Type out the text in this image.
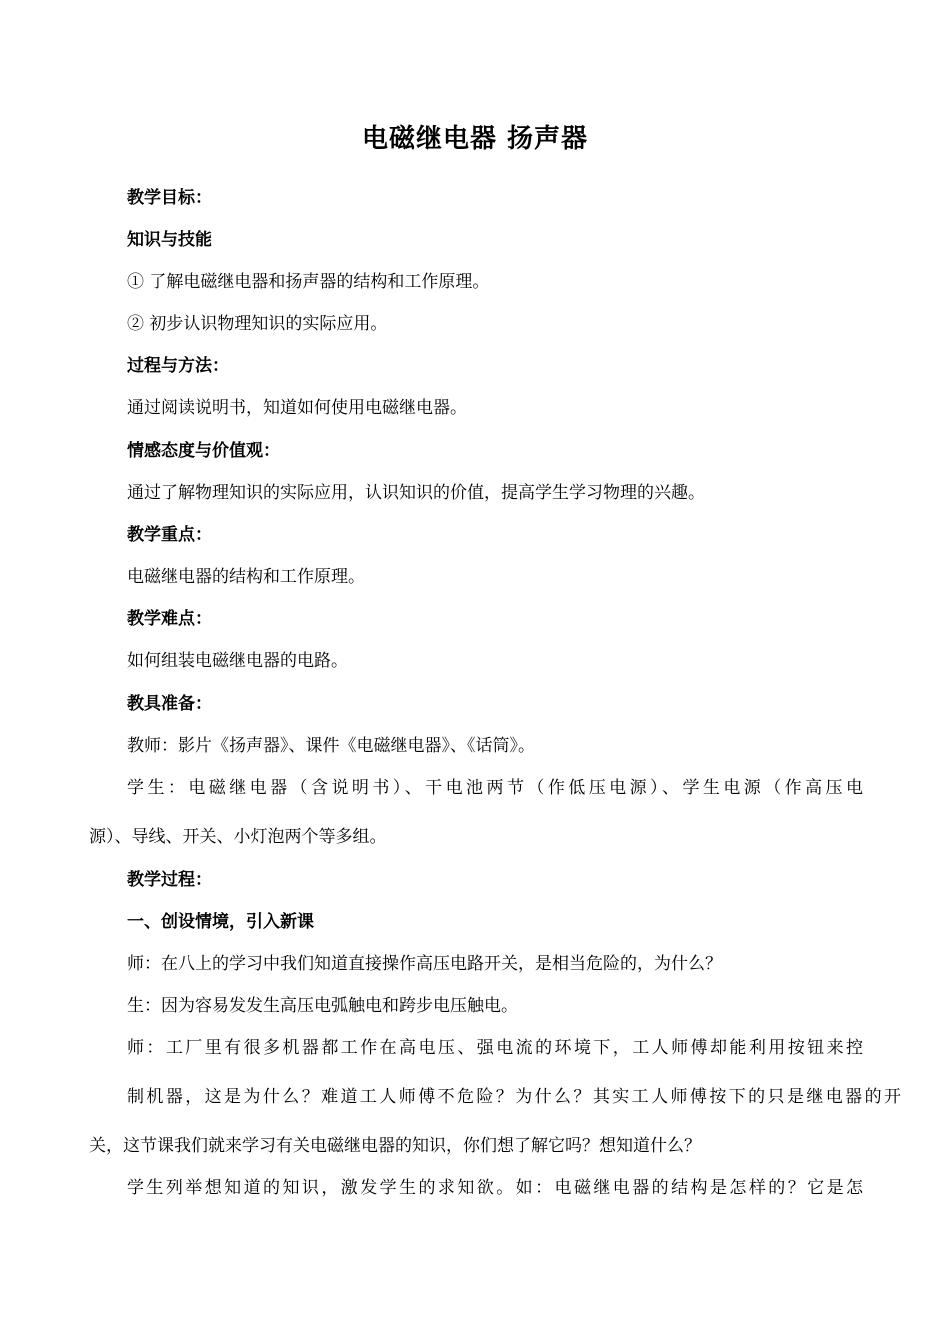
电磁继电器 扬声器
教学目标：
知识与技能
① 了解电磁继电器和扬声器的结构和工作原理。
② 初步认识物理知识的实际应用。
过程与方法：
通过阅读说明书，知道如何使用电磁继电器。
情感态度与价值观：
通过了解物理知识的实际应用，认识知识的价值，提高学生学习物理的兴趣。
教学重点：
电磁继电器的结构和工作原理。
教学难点：
如何组装电磁继电器的电路。
教具准备：
教师：影片《扬声器》、课件《电磁继电器》、《话筒》。
学生：电磁继电器（含说明书）、干电池两节（作低压电源）、学生电源（作高压电
源）、导线、开关、小灯泡两个等多组。
教学过程：
一、创设情境，引入新课
师：在八上的学习中我们知道直接操作高压电路开关，是相当危险的，为什么？
生：因为容易发发生高压电弧触电和跨步电压触电。
师：工厂里有很多机器都工作在高电压、强电流的环境下，工人师傅却能利用按钮来控
制机器，这是为什么？难道工人师傅不危险？为什么？其实工人师傅按下的只是继电器的开
关，这节课我们就来学习有关电磁继电器的知识，你们想了解它吗？想知道什么？
学生列举想知道的知识，激发学生的求知欲。如：电磁继电器的结构是怎样的？它是怎
